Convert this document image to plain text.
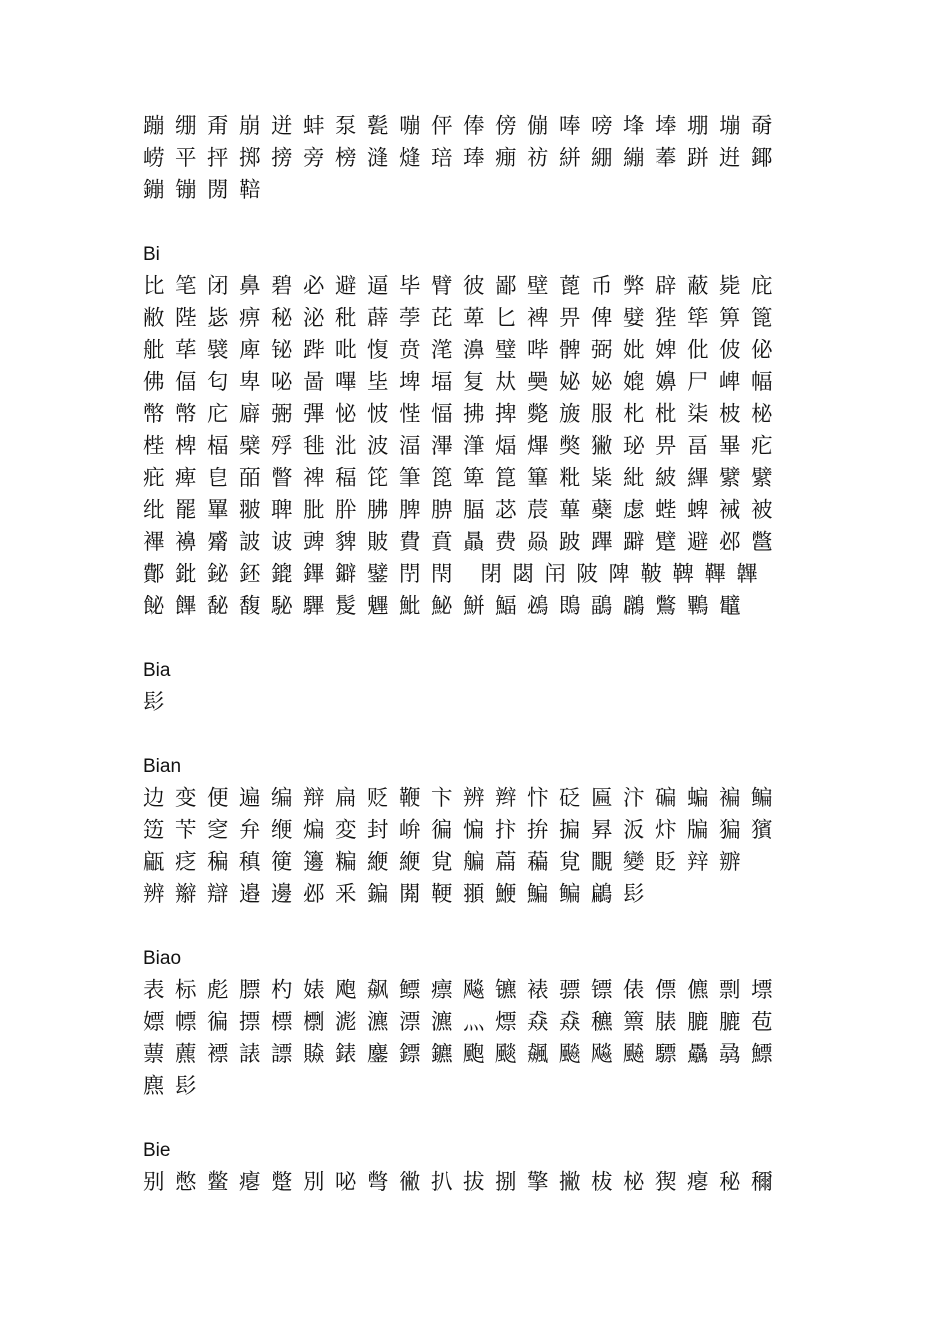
蹦绷甭崩迸蚌泵甏嘣伻俸傍傰唪嗙埄埲堋塴奣
崂平抨掷搒旁榜漨熢琣琫痭祊絣綳繃菶跰逬鎁
鏰镚閍鞛
Bi
比笔闭鼻碧必避逼毕臂彼鄙壁蓖币弊辟蔽毙庇
敝陛毖痹秘泌秕薜荸芘萆匕裨畀俾嬖狴筚箅篦
舭荜襞庳铋跸吡愎贲滗濞璧哔髀弼妣婢仳佊佖
佛偪匂卑咇啚嗶坒埤堛复夶奰妼妼媲嬶尸崥幅
幣幤庀廦弻彃怭怶悂愊拂捭斃旇服朼枇柒柀柲
梐椑楅檗殍毴沘波湢滭潷煏熚獘獙珌畀畐畢疕
疪痺皀皕瞥禆稫笓筆箆箄箟篳粃粊紕紴縪繴繴
纰罷罼翍聛肶肸胇脾腗腷苾莀蓽蘗虙蜌蜱裓被
襅襣觱詖诐豍貏貱費賁贔费赑跛蹕躃躄避邲鄨
鄪鈚鉍鉟鎞鏎鐴鐾閅閇 閉閟闬陂陴鞁鞞鞸韠
飶饆馝馥駜驆髲魓魮鮅鮩鰏鴓鵖鶝鸊鷩鷝鼊
Bia
髟
Bian
边变便遍编辩扁贬鞭卞辨辫忭砭匾汴碥蝙褊鳊
笾苄窆弁缏煸変封峅徧惼抃拚揙昪汳炞牑猵獱
甂疺稨稹箯籩糄緶緶覍艑萹藊覍覵變貶辡辧
辨辮辯邉邊邲釆鍽閞鞕頨鯾鯿鳊鶣髟
Biao
表标彪膘杓婊飑飙鳔瘭飚镳裱骠镖俵僄儦剽墂
嫖幖徧摽標檦滮瀌漂瀌灬熛猋猋穮篻脿膔膔苞
蔈藨褾諘謤贆錶鏖鏢鑣颮颷飆飈飚飇驃驫骉鰾
麃髟
Bie
别憋鳖瘪蹩別咇彆徶扒拔捌擎撇柭柲猰瘪秘穪
